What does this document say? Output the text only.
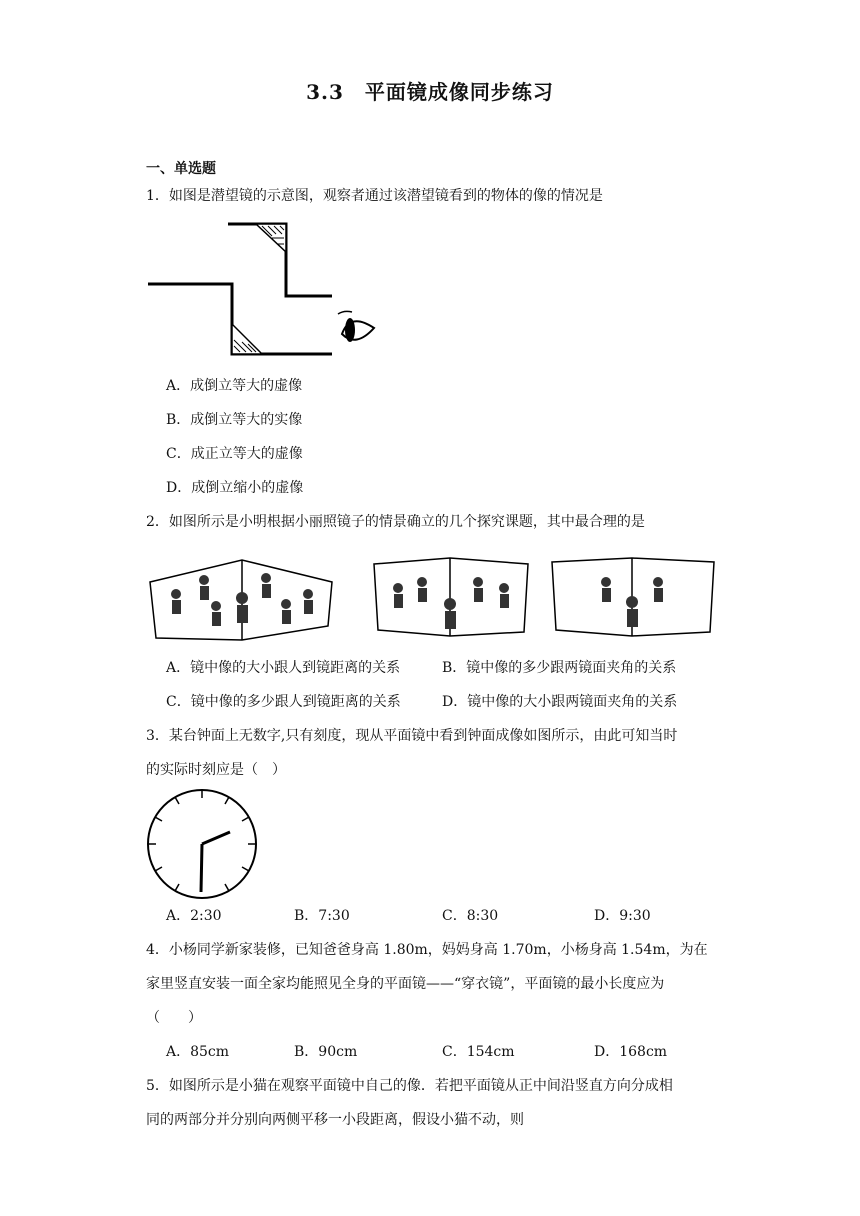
3.3　平面镜成像同步练习
一、单选题
1．如图是潜望镜的示意图，观察者通过该潜望镜看到的物体的像的情况是
A．成倒立等大的虚像
B．成倒立等大的实像
C．成正立等大的虚像
D．成倒立缩小的虚像
2．如图所示是小明根据小丽照镜子的情景确立的几个探究课题，其中最合理的是
A．镜中像的大小跟人到镜距离的关系	B．镜中像的多少跟两镜面夹角的关系
C．镜中像的多少跟人到镜距离的关系	D．镜中像的大小跟两镜面夹角的关系
3．某台钟面上无数字,只有刻度，现从平面镜中看到钟面成像如图所示，由此可知当时
的实际时刻应是（　）
A．2:30	B．7:30	C．8:30	D．9:30
4．小杨同学新家装修，已知爸爸身高 1.80m，妈妈身高 1.70m，小杨身高 1.54m，为在
家里竖直安装一面全家均能照见全身的平面镜——“穿衣镜”，平面镜的最小长度应为
（　　）
A．85cm	B．90cm	C．154cm	D．168cm
5．如图所示是小猫在观察平面镜中自己的像．若把平面镜从正中间沿竖直方向分成相
同的两部分并分别向两侧平移一小段距离，假设小猫不动，则
